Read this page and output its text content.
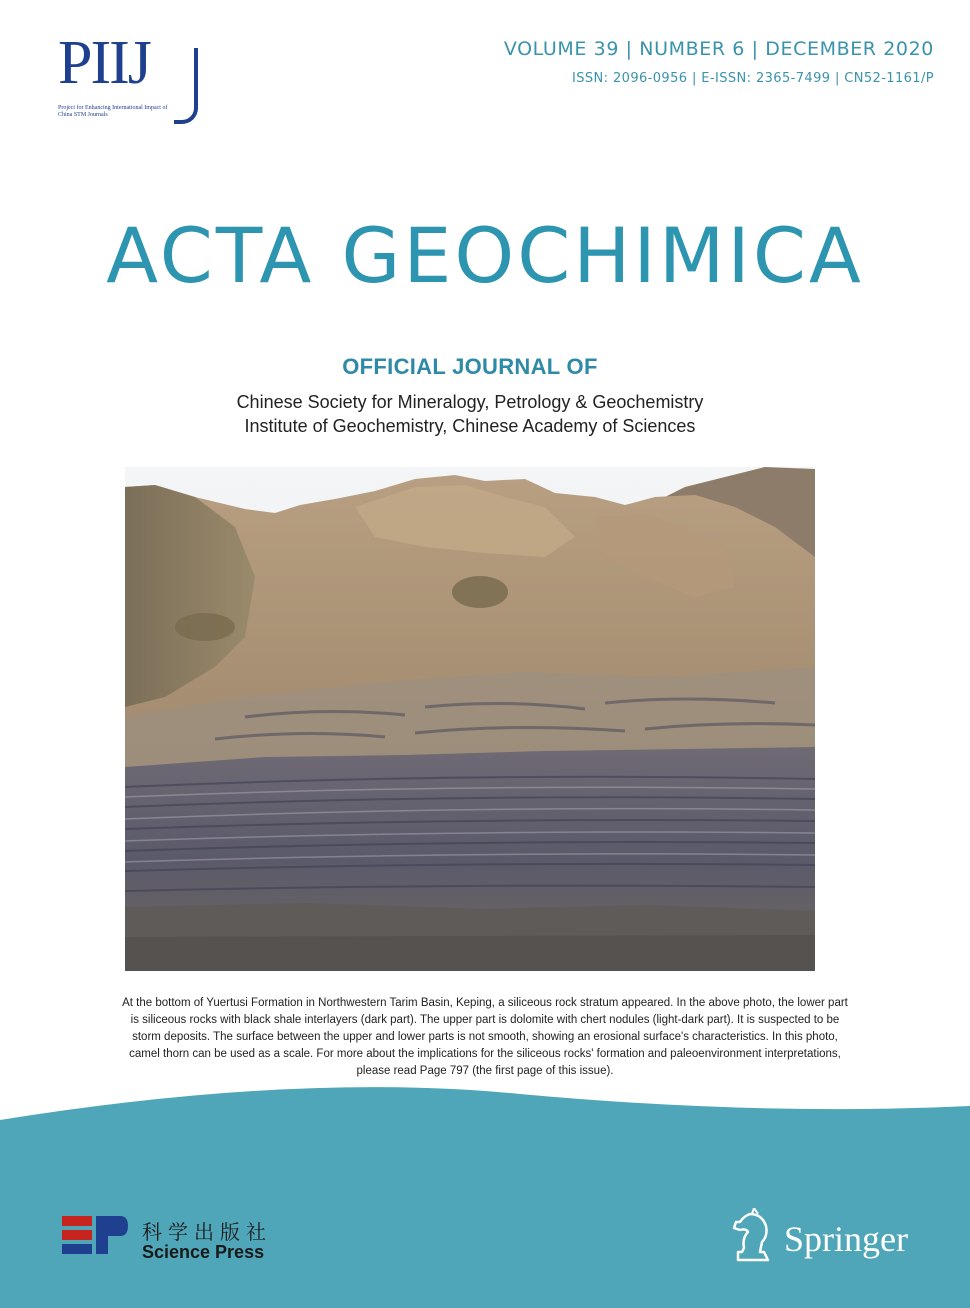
PIIJ
Project for Enhancing International Impact of China STM Journals
VOLUME 39 | NUMBER 6 | DECEMBER 2020
ISSN: 2096-0956 | E-ISSN: 2365-7499 | CN52-1161/P
ACTA GEOCHIMICA
OFFICIAL JOURNAL OF
Chinese Society for Mineralogy, Petrology & Geochemistry
Institute of Geochemistry, Chinese Academy of Sciences
At the bottom of Yuertusi Formation in Northwestern Tarim Basin, Keping, a siliceous rock stratum appeared. In the above photo, the lower part is siliceous rocks with black shale interlayers (dark part). The upper part is dolomite with chert nodules (light-dark part). It is suspected to be storm deposits. The surface between the upper and lower parts is not smooth, showing an erosional surface's characteristics. In this photo, camel thorn can be used as a scale. For more about the implications for the siliceous rocks' formation and paleoenvironment interpretations, please read Page 797 (the first page of this issue).
科学出版社
Science Press	Springer
